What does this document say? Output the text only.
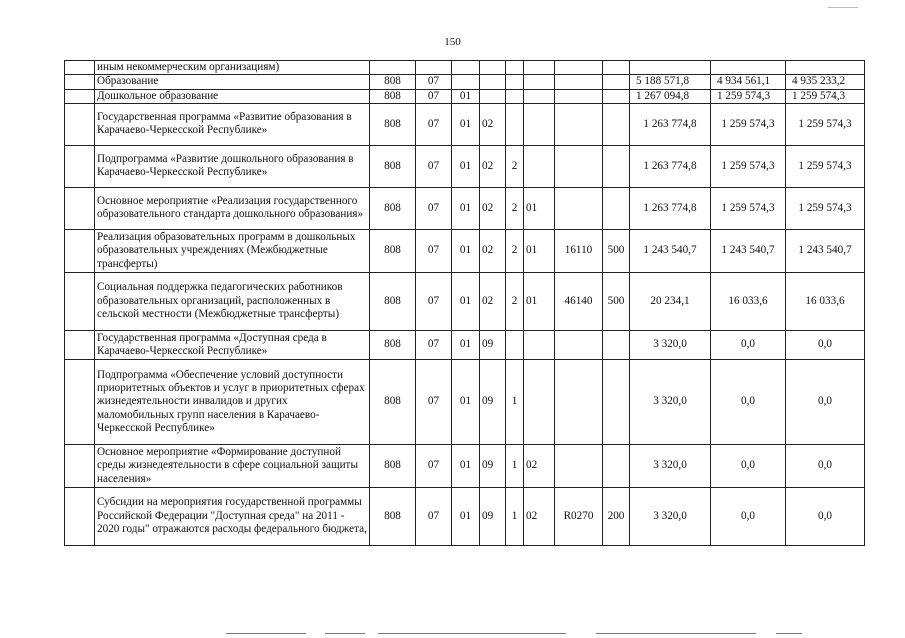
150
	иным некоммерческим организациям)											
	Образование	808	07							5 188 571,8	4 934 561,1	4 935 233,2
	Дошкольное образование	808	07	01						1 267 094,8	1 259 574,3	1 259 574,3
	Государственная программа «Развитие образования в Карачаево-Черкесской Республике»	808	07	01	02					1 263 774,8	1 259 574,3	1 259 574,3
	Подпрограмма «Развитие дошкольного образования в Карачаево-Черкесской Республике»	808	07	01	02	2				1 263 774,8	1 259 574,3	1 259 574,3
	Основное мероприятие «Реализация государственного образовательного стандарта дошкольного образования»	808	07	01	02	2	01			1 263 774,8	1 259 574,3	1 259 574,3
	Реализация образовательных программ в дошкольных образовательных учреждениях (Межбюджетные трансферты)	808	07	01	02	2	01	16110	500	1 243 540,7	1 243 540,7	1 243 540,7
	Социальная поддержка педагогических работников образовательных организаций, расположенных в сельской местности (Межбюджетные трансферты)	808	07	01	02	2	01	46140	500	20 234,1	16 033,6	16 033,6
	Государственная программа «Доступная среда в Карачаево-Черкесской Республике»	808	07	01	09					3 320,0	0,0	0,0
	Подпрограмма «Обеспечение условий доступности приоритетных объектов и услуг в приоритетных сферах жизнедеятельности инвалидов и других маломобильных групп населения в Карачаево-Черкесской Республике»	808	07	01	09	1				3 320,0	0,0	0,0
	Основное мероприятие «Формирование доступной среды жизнедеятельности в сфере социальной защиты населения»	808	07	01	09	1	02			3 320,0	0,0	0,0
	Субсидии на мероприятия государственной программы Российской Федерации "Доступная среда" на 2011 - 2020 годы" отражаются расходы федерального бюджета,	808	07	01	09	1	02	R0270	200	3 320,0	0,0	0,0
